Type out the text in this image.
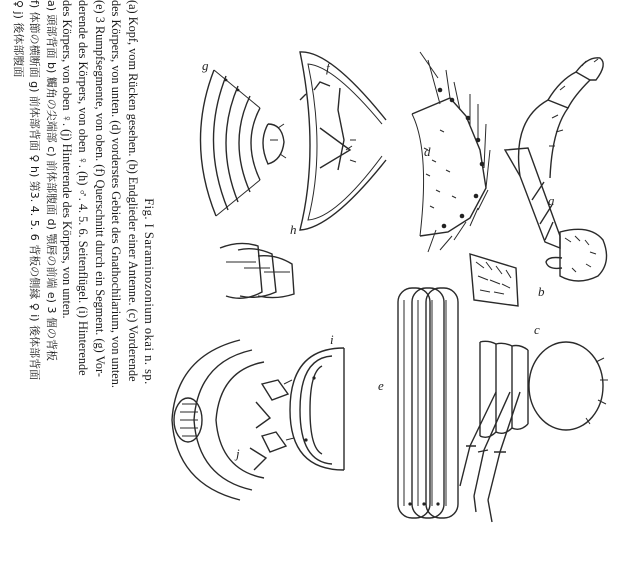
a
b
c
d
e
f
g
h
i
j

Fig. I Saraminozonium okai n. sp.

(a) Kopf, vom Rücken gesehen. (b) Endglieder einer Antenne. (c) Vorderende

des Körpers, von unten. (d) vorderstes Gebiet des Gnathochilarium, von unten.

(e) 3 Rumpfsegmente, von oben. (f) Querschnitt durch ein Segment. (g) Vor-

derende des Körpers, von oben ♀. (h) ♂. 4. 5. 6. Seitenflügel. (i) Hinterende

des Körpers, von oben ♀. (j) Hinterende des Körpers, von unten.

a) 頭部背面 b) 觸角の尖端部 c) 前体部腹面 d) 顎唇の前端 e) 3 個の背板

f) 体節の横断面 g) 前体部背面 ♀ h) 第3. 4. 5. 6 背板の側縁 ♀ i) 後体部背面

♀ j) 後体部腹面
